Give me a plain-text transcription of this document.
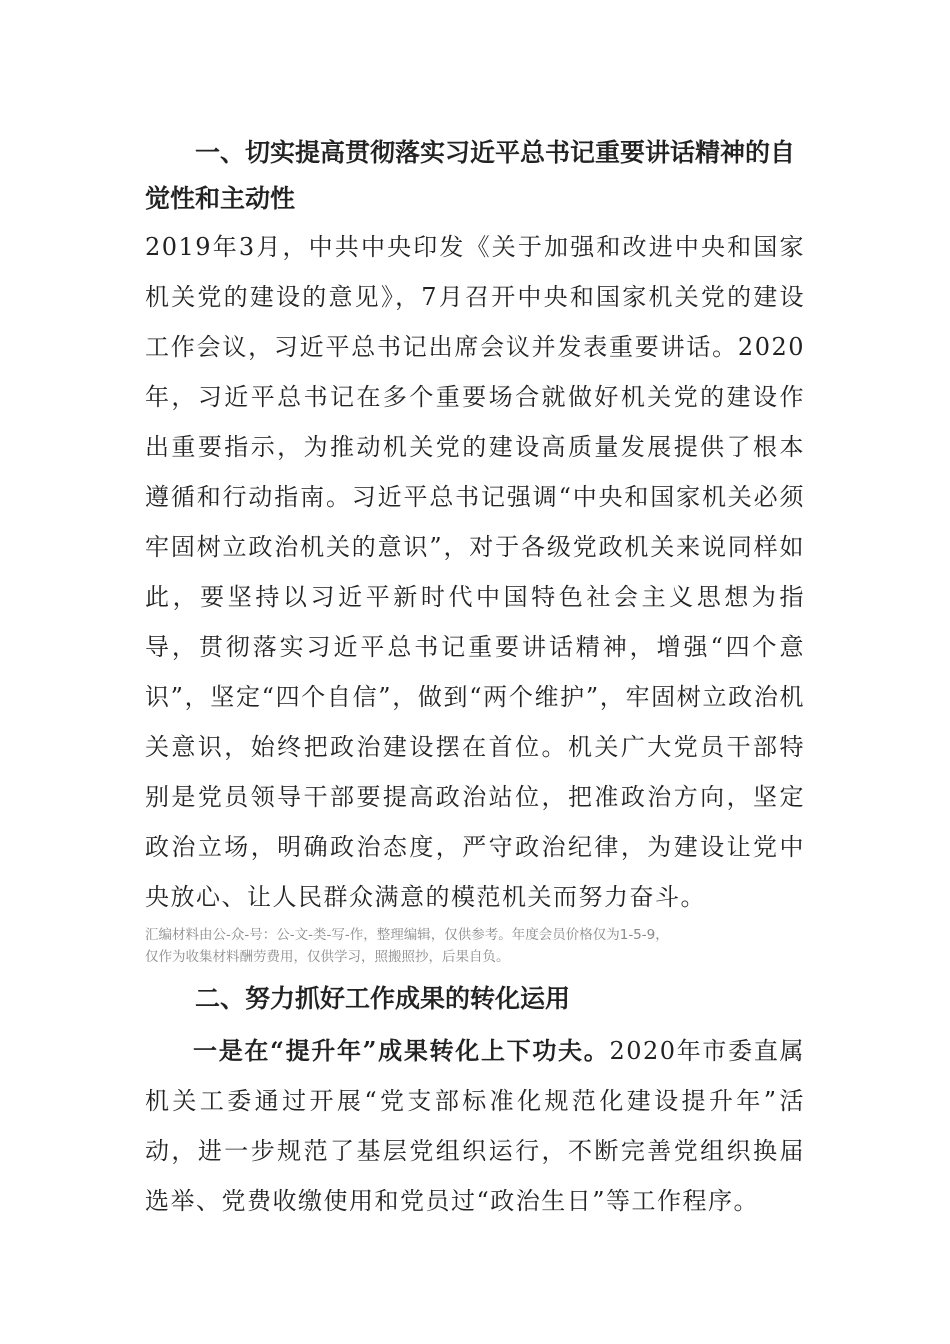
一、切实提高贯彻落实习近平总书记重要讲话精神的自觉性和主动性

2019年3月，中共中央印发《关于加强和改进中央和国家机关党的建设的意见》，7月召开中央和国家机关党的建设工作会议，习近平总书记出席会议并发表重要讲话。2020年，习近平总书记在多个重要场合就做好机关党的建设作出重要指示，为推动机关党的建设高质量发展提供了根本遵循和行动指南。习近平总书记强调“中央和国家机关必须牢固树立政治机关的意识”，对于各级党政机关来说同样如此，要坚持以习近平新时代中国特色社会主义思想为指导，贯彻落实习近平总书记重要讲话精神，增强“四个意识”，坚定“四个自信”，做到“两个维护”，牢固树立政治机关意识，始终把政治建设摆在首位。机关广大党员干部特别是党员领导干部要提高政治站位，把准政治方向，坚定政治立场，明确政治态度，严守政治纪律，为建设让党中央放心、让人民群众满意的模范机关而努力奋斗。

汇编材料由公-众-号：公-文-类-写-作，整理编辑，仅供参考。年度会员价格仅为1-5-9，
仅作为收集材料酬劳费用，仅供学习，照搬照抄，后果自负。
二、努力抓好工作成果的转化运用

一是在“提升年”成果转化上下功夫。2020年市委直属机关工委通过开展“党支部标准化规范化建设提升年”活动，进一步规范了基层党组织运行，不断完善党组织换届选举、党费收缴使用和党员过“政治生日”等工作程序。
